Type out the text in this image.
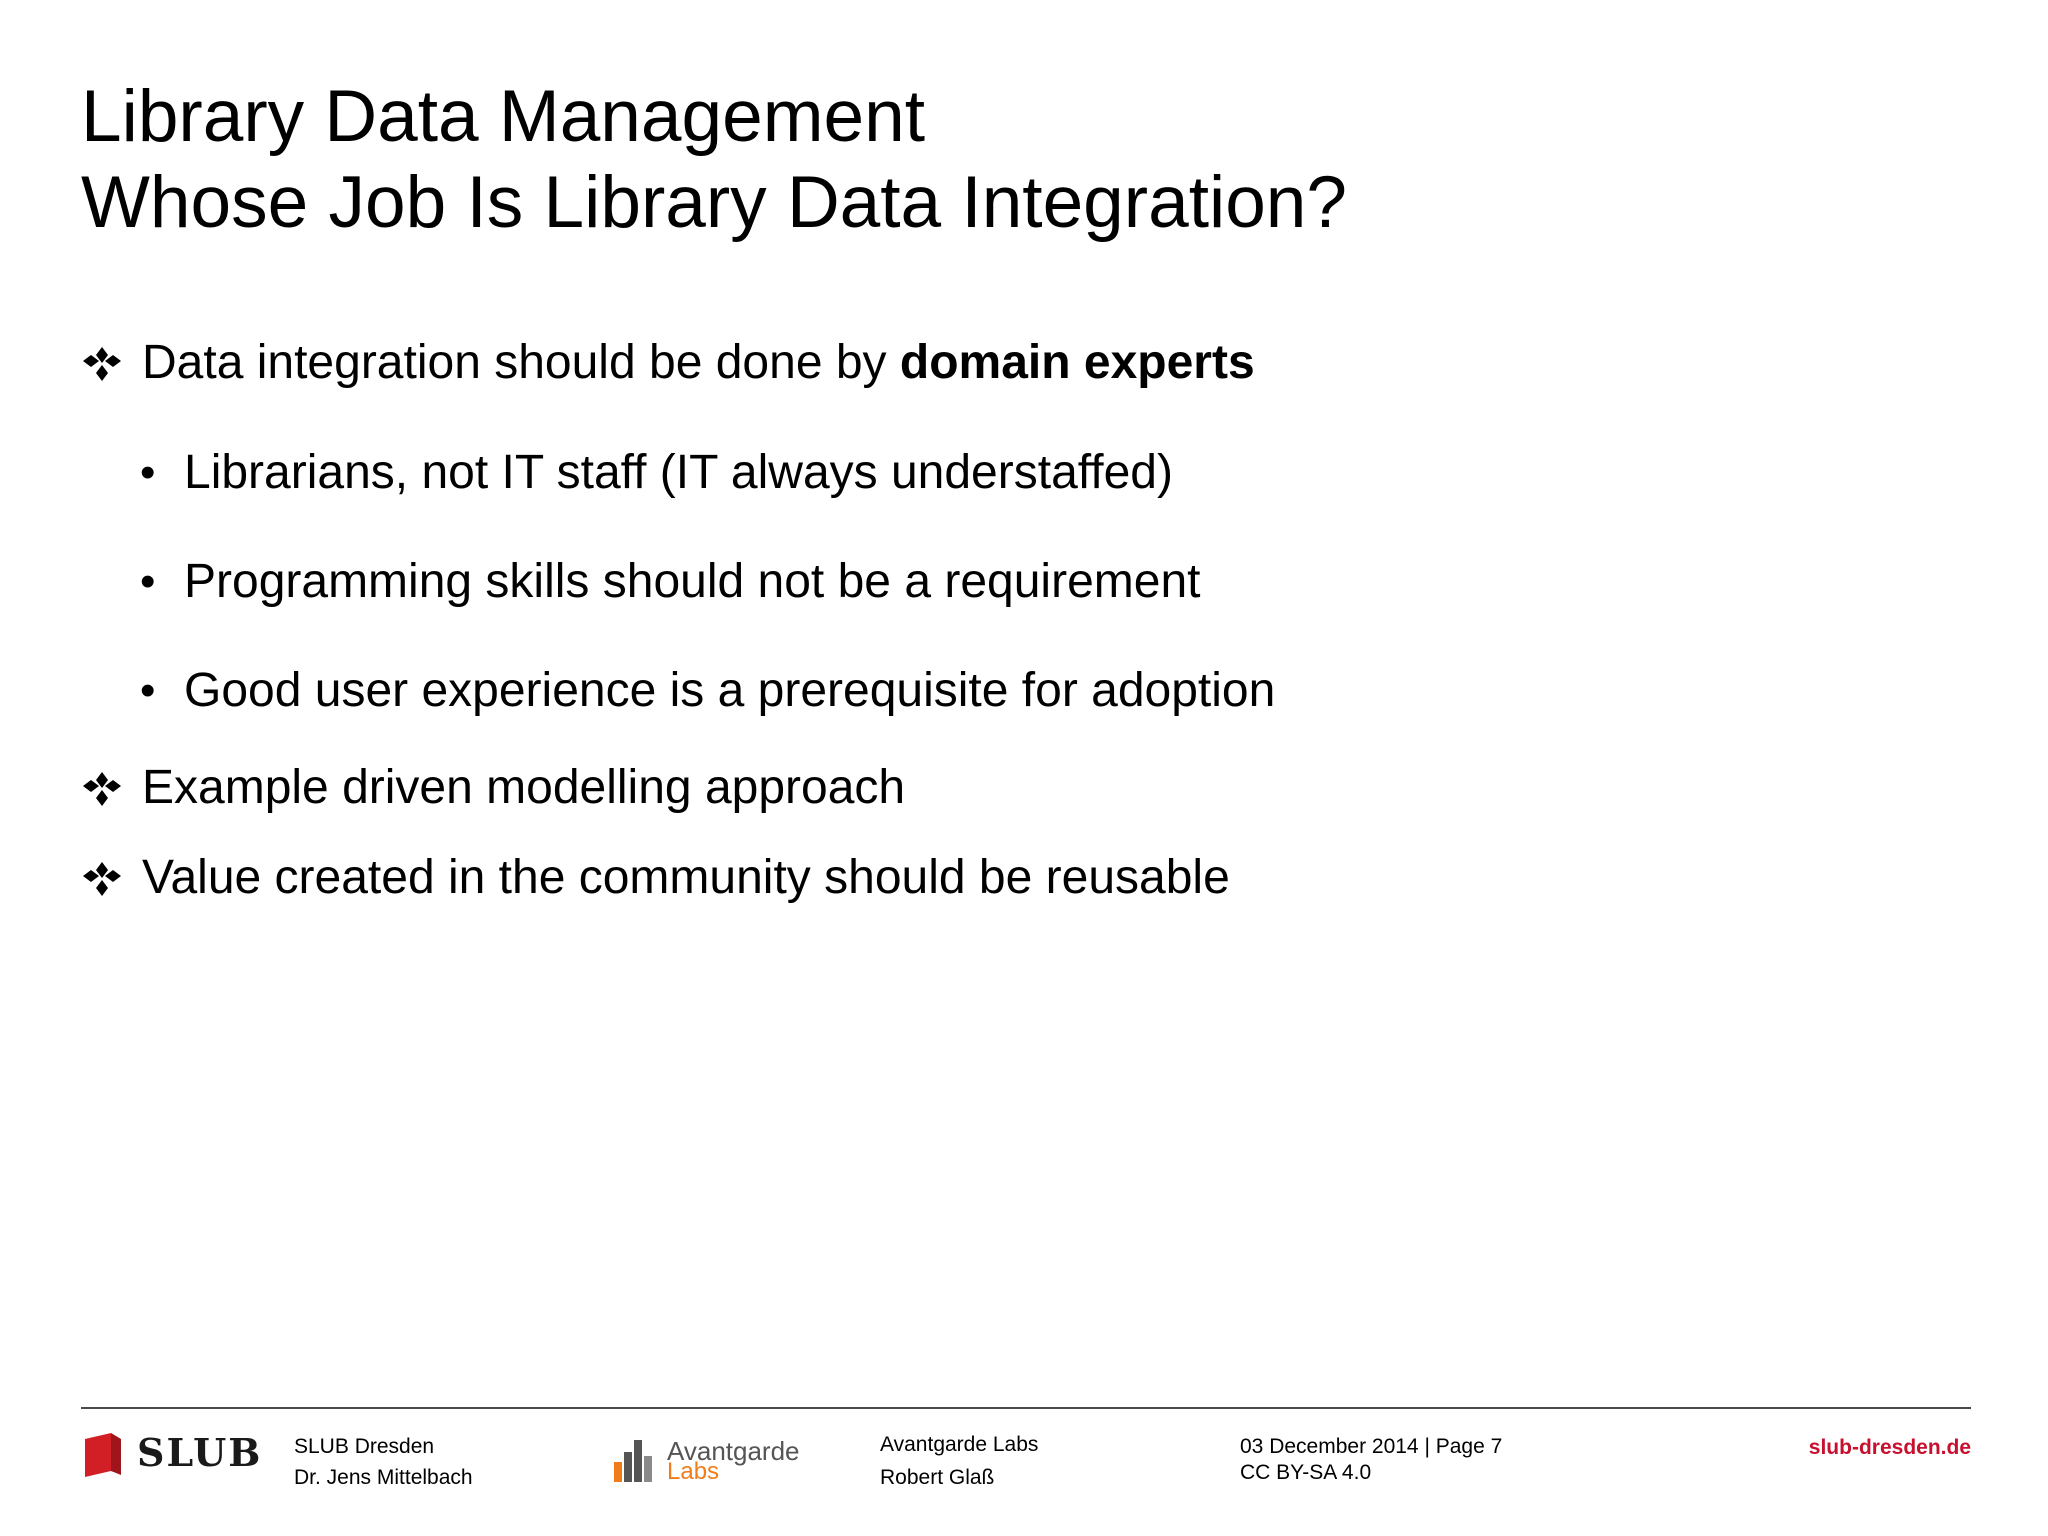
Library Data Management
Whose Job Is Library Data Integration?
Data integration should be done by domain experts
• Librarians, not IT staff (IT always understaffed)
• Programming skills should not be a requirement
• Good user experience is a prerequisite for adoption
Example driven modelling approach
Value created in the community should be reusable
SLUB SLUB Dresden
Dr. Jens Mittelbach
Avantgarde
Labs
Avantgarde Labs
Robert Glaß
03 December 2014 | Page 7
CC BY-SA 4.0
slub-dresden.de
